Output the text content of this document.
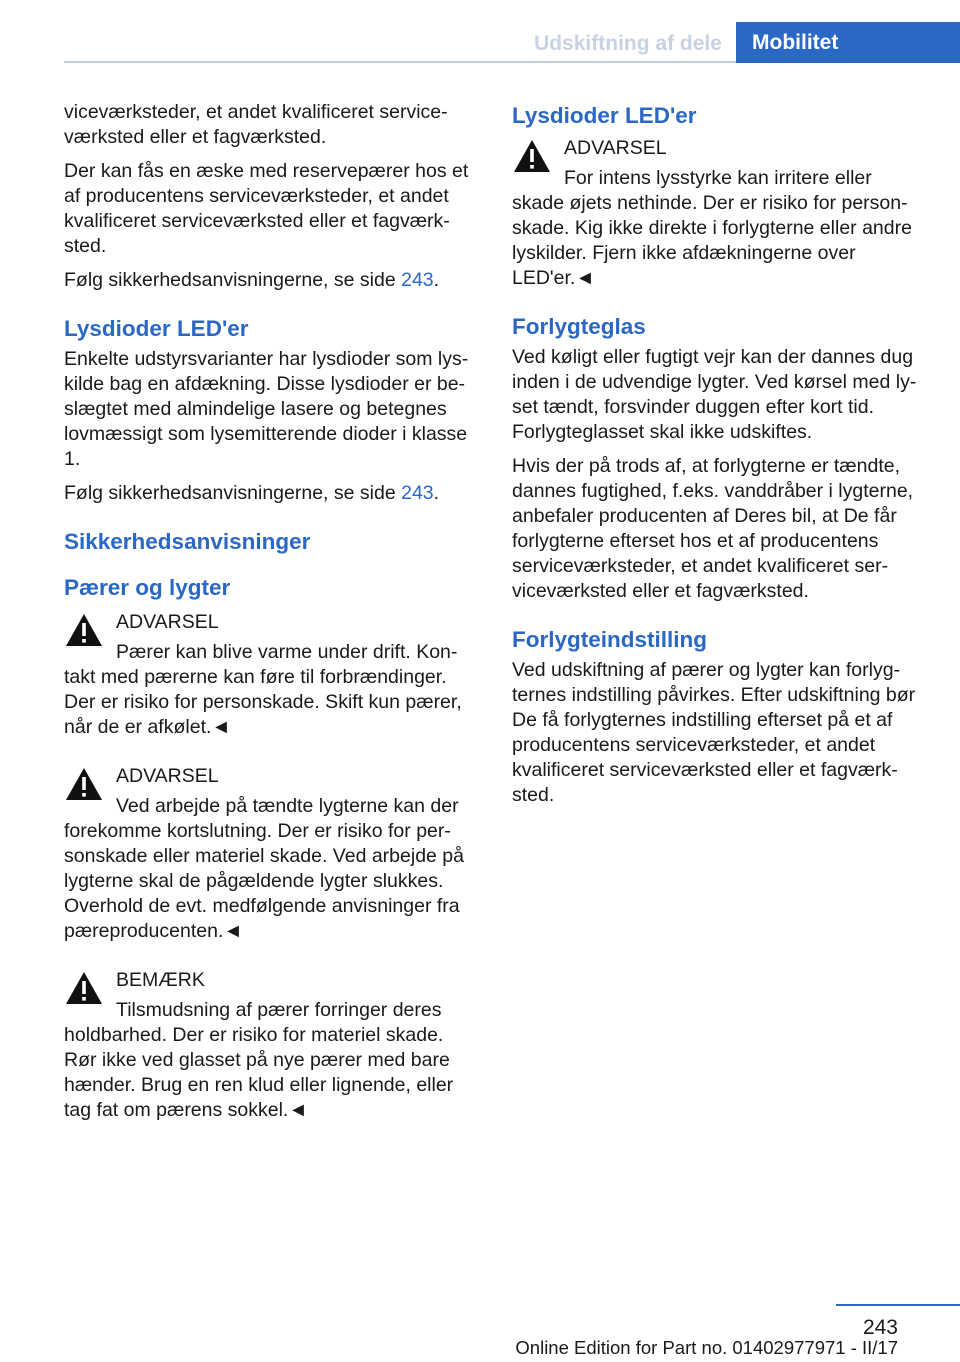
Udskiftning af dele	Mobilitet

viceværksteder, et andet kvalificeret service-værksted eller et fagværksted.

Der kan fås en æske med reservepærer hos et af producentens serviceværksteder, et andet kvalificeret serviceværksted eller et fagværk-sted.

Følg sikkerhedsanvisningerne, se side 243.

Lysdioder LED'er

Enkelte udstyrsvarianter har lysdioder som lys-kilde bag en afdækning. Disse lysdioder er be-slægtet med almindelige lasere og betegnes lovmæssigt som lysemitterende dioder i klasse 1.

Følg sikkerhedsanvisningerne, se side 243.

Sikkerhedsanvisninger
Pærer og lygter
ADVARSEL

Pærer kan blive varme under drift. Kon-takt med pærerne kan føre til forbrændinger. Der er risiko for personskade. Skift kun pærer, når de er afkølet.◄

ADVARSEL

Ved arbejde på tændte lygterne kan der forekomme kortslutning. Der er risiko for per-sonskade eller materiel skade. Ved arbejde på lygterne skal de pågældende lygter slukkes. Overhold de evt. medfølgende anvisninger fra pæreproducenten.◄

BEMÆRK

Tilsmudsning af pærer forringer deres holdbarhed. Der er risiko for materiel skade. Rør ikke ved glasset på nye pærer med bare hænder. Brug en ren klud eller lignende, eller tag fat om pærens sokkel.◄

Lysdioder LED'er
ADVARSEL

For intens lysstyrke kan irritere eller skade øjets nethinde. Der er risiko for person-skade. Kig ikke direkte i forlygterne eller andre lyskilder. Fjern ikke afdækningerne over LED'er.◄

Forlygteglas

Ved køligt eller fugtigt vejr kan der dannes dug inden i de udvendige lygter. Ved kørsel med ly-set tændt, forsvinder duggen efter kort tid. Forlygteglasset skal ikke udskiftes.

Hvis der på trods af, at forlygterne er tændte, dannes fugtighed, f.eks. vanddråber i lygterne, anbefaler producenten af Deres bil, at De får forlygterne efterset hos et af producentens serviceværksteder, et andet kvalificeret ser-viceværksted eller et fagværksted.

Forlygteindstilling

Ved udskiftning af pærer og lygter kan forlyg-ternes indstilling påvirkes. Efter udskiftning bør De få forlygternes indstilling efterset på et af producentens serviceværksteder, et andet kvalificeret serviceværksted eller et fagværk-sted.

243
Online Edition for Part no. 01402977971 - II/17
